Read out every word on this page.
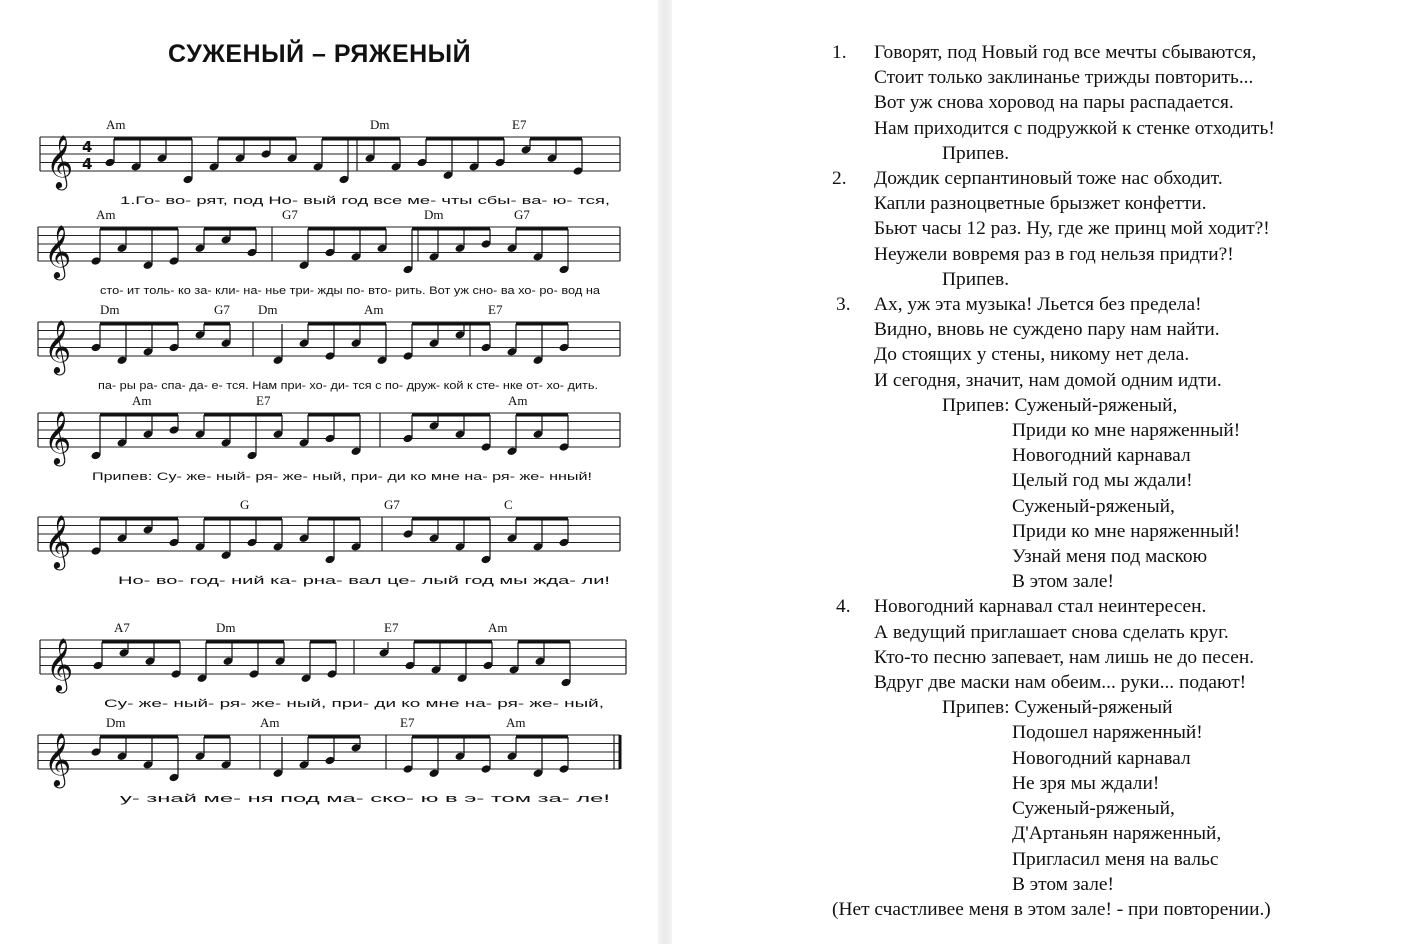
СУЖЕНЫЙ – РЯЖЕНЫЙ
𝄞 4
4
Am	Dm	E7
1.Го- во- рят, под Но- вый год все ме- чты сбы- ва- ю- тся,
𝄞
Am	G7	Dm	G7
сто- ит толь- ко за- кли- на- нье три- жды по- вто- рить. Вот уж сно- ва хо- ро- вод на
𝄞
Dm	G7 Dm	Am	E7
па- ры ра- спа- да- е- тся. Нам при- хо- ди- тся с по- друж- кой к сте- нке от- хо- дить.
𝄞
Am	E7	Am
Припев: Су- же- ный- ря- же- ный, при- ди ко мне на- ря- же- нный!
𝄞
G	G7	C
Но- во- год- ний ка- рна- вал це- лый год мы жда- ли!
𝄞
A7	Dm	E7	Am
Су- же- ный- ря- же- ный, при- ди ко мне на- ря- же- ный,
𝄞
Dm	Am	E7	Am
у- знай ме- ня под ма- ско- ю в э- том за- ле!
1.	Говорят, под Новый год все мечты сбываются,
Стоит только заклинанье трижды повторить...
Вот уж снова хоровод на пары распадается.
Нам приходится с подружкой к стенке отходить!
Припев.
2.	Дождик серпантиновый тоже нас обходит.
Капли разноцветные брызжет конфетти.
Бьют часы 12 раз. Ну, где же принц мой ходит?!
Неужели вовремя раз в год нельзя придти?!
Припев.
3.	Ах, уж эта музыка! Льется без предела!
Видно, вновь не суждено пару нам найти.
До стоящих у стены, никому нет дела.
И сегодня, значит, нам домой одним идти.
Припев: Суженый-ряженый,
Приди ко мне наряженный!
Новогодний карнавал
Целый год мы ждали!
Суженый-ряженый,
Приди ко мне наряженный!
Узнай меня под маскою
В этом зале!
4.	Новогодний карнавал стал неинтересен.
А ведущий приглашает снова сделать круг.
Кто-то песню запевает, нам лишь не до песен.
Вдруг две маски нам обеим... руки... подают!
Припев: Суженый-ряженый
Подошел наряженный!
Новогодний карнавал
Не зря мы ждали!
Суженый-ряженый,
Д'Артаньян наряженный,
Пригласил меня на вальс
В этом зале!
(Нет счастливее меня в этом зале! - при повторении.)
